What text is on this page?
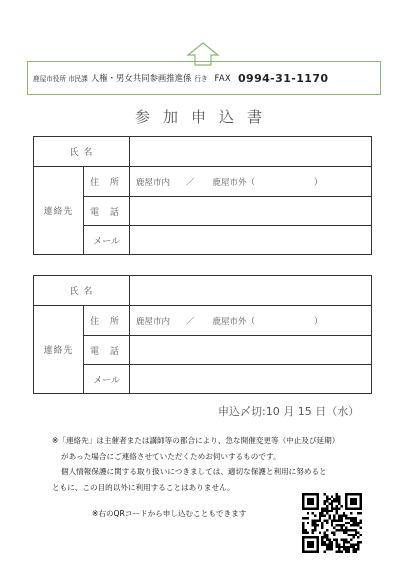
鹿屋市役所 市民課 人権・男女共同参画推進係 行き FAX 0994-31-1170
参加申込書
氏 名		
連絡先	住 所	鹿屋市内 ／ 鹿屋市外（ ）

	電 話	
	メール	
氏 名		
連絡先	住 所	鹿屋市内 ／ 鹿屋市外（ ）

	電 話	
	メール	
申込〆切:10 月 15 日（水）
※「連絡先」は主催者または講師等の都合により、急な開催変更等（中止及び延期）
があった場合にご連絡させていただくためお伺いするものです。
個人情報保護に関する取り扱いにつきましては、適切な保護と利用に努めると
ともに、この目的以外に利用することはありません。
※右のQRコードから申し込むこともできます
